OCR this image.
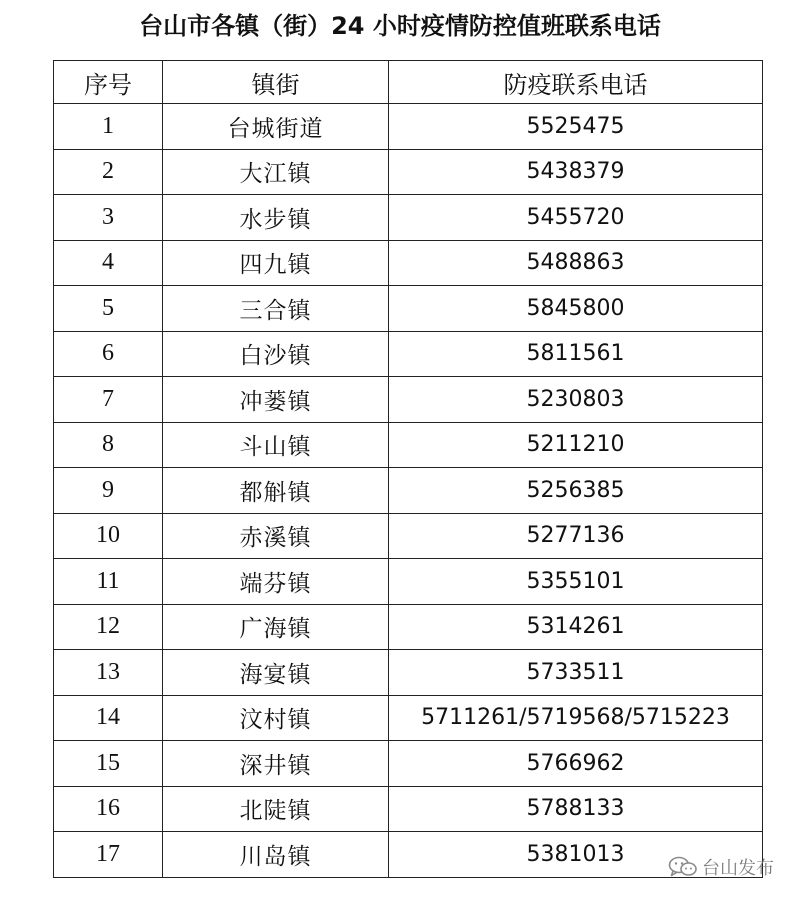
台山市各镇（街）24 小时疫情防控值班联系电话
序号	镇街	防疫联系电话
1	台城街道	5525475
2	大江镇	5438379
3	水步镇	5455720
4	四九镇	5488863
5	三合镇	5845800
6	白沙镇	5811561
7	冲蒌镇	5230803
8	斗山镇	5211210
9	都斛镇	5256385
10	赤溪镇	5277136
11	端芬镇	5355101
12	广海镇	5314261
13	海宴镇	5733511
14	汶村镇	5711261/5719568/5715223
15	深井镇	5766962
16	北陡镇	5788133
17	川岛镇	5381013
台山发布
